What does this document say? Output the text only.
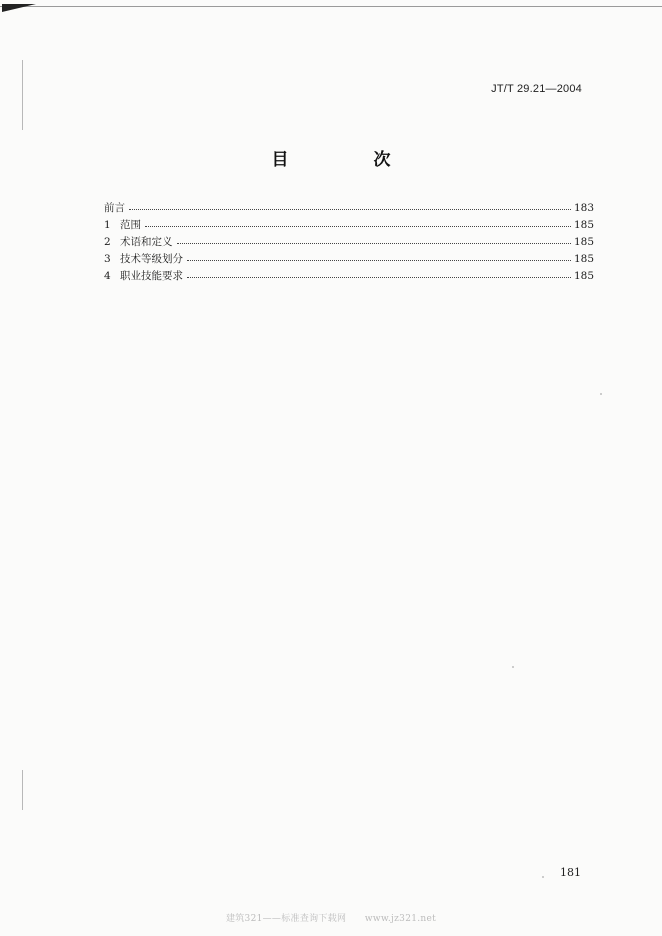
JT/T 29.21—2004
目　次
前言	183
1 范围	185
2 术语和定义	185
3 技术等级划分	185
4 职业技能要求	185
181
建筑321——标准查询下载网　　www.jz321.net
